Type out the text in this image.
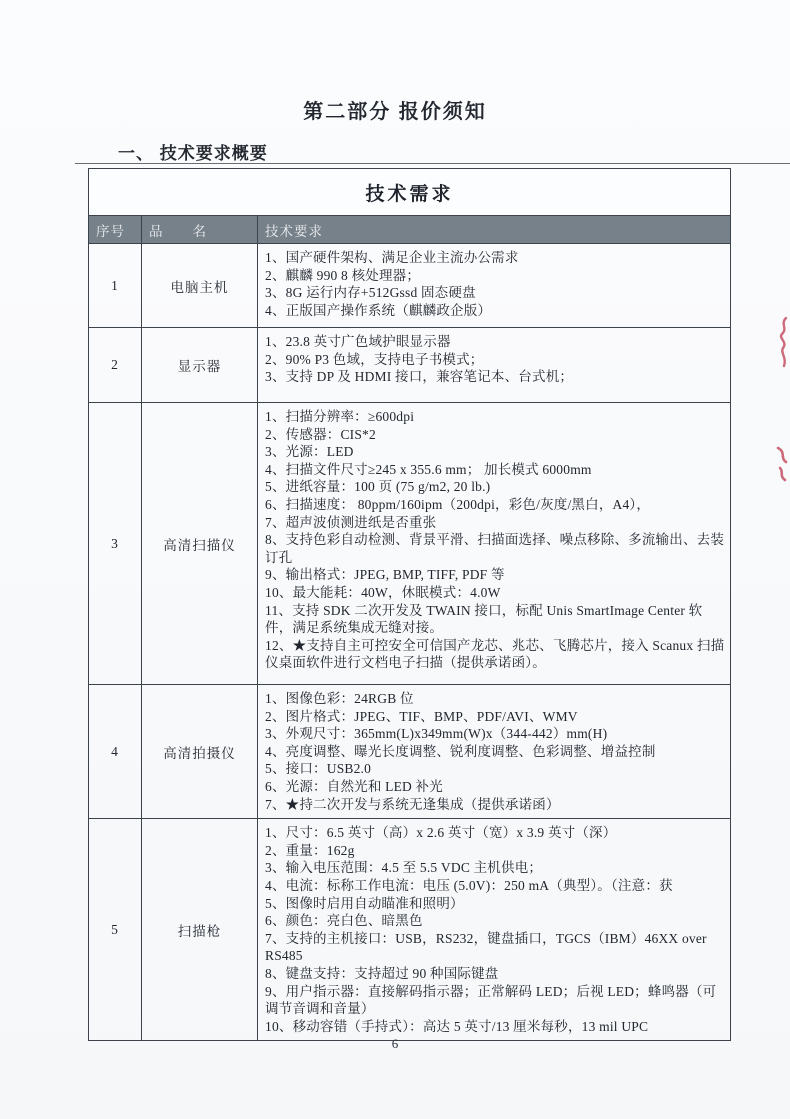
第二部分 报价须知
一、 技术要求概要
技术需求		
序号	品　　名	技术要求
1	电脑主机	1、国产硬件架构、满足企业主流办公需求
2、麒麟 990 8 核处理器；
3、8G 运行内存+512Gssd 固态硬盘
4、正版国产操作系统（麒麟政企版）

2	显示器	1、23.8 英寸广色域护眼显示器
2、90% P3 色域，支持电子书模式；
3、支持 DP 及 HDMI 接口，兼容笔记本、台式机；

3	高清扫描仪	
1、扫描分辨率：≥600dpi
2、传感器：CIS*2
3、光源：LED
4、扫描文件尺寸≥245 x 355.6 mm； 加长模式 6000mm
5、进纸容量：100 页 (75 g/m2, 20 lb.)
6、扫描速度： 80ppm/160ipm（200dpi，彩色/灰度/黑白，A4），
7、超声波侦测进纸是否重张
8、支持色彩自动检测、背景平滑、扫描面选择、噪点移除、多流输出、去装订孔
9、输出格式：JPEG, BMP, TIFF, PDF 等
10、最大能耗：40W，休眠模式：4.0W
11、支持 SDK 二次开发及 TWAIN 接口，标配 Unis SmartImage Center 软件，满足系统集成无缝对接。
12、★支持自主可控安全可信国产龙芯、兆芯、飞腾芯片，接入 Scanux 扫描仪桌面软件进行文档电子扫描（提供承诺函）。

4	高清拍摄仪	
1、图像色彩：24RGB 位
2、图片格式：JPEG、TIF、BMP、PDF/AVI、WMV
3、外观尺寸：365mm(L)x349mm(W)x（344-442）mm(H)
4、亮度调整、曝光长度调整、锐利度调整、色彩调整、增益控制
5、接口：USB2.0
6、光源：自然光和 LED 补光
7、★持二次开发与系统无逢集成（提供承诺函）

5	扫描枪	
1、尺寸：6.5 英寸（高）x 2.6 英寸（宽）x 3.9 英寸（深）
2、重量：162g
3、输入电压范围：4.5 至 5.5 VDC 主机供电；
4、电流：标称工作电流：电压 (5.0V)：250 mA（典型）。（注意：获
5、图像时启用自动瞄准和照明）
6、颜色：亮白色、暗黑色
7、支持的主机接口：USB，RS232，键盘插口，TGCS（IBM）46XX over RS485
8、键盘支持：支持超过 90 种国际键盘
9、用户指示器：直接解码指示器；正常解码 LED；后视 LED；蜂鸣器（可调节音调和音量）
10、移动容错（手持式）：高达 5 英寸/13 厘米每秒，13 mil UPC
6
